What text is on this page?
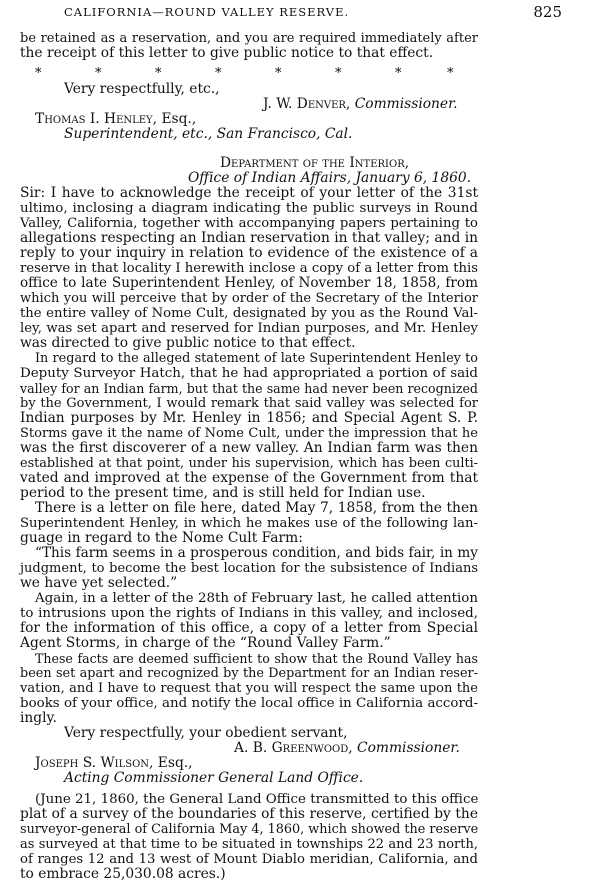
CALIFORNIA—ROUND VALLEY RESERVE.	825
be retained as a reservation, and you are required immediately after
the receipt of this letter to give public notice to that effect.
*	*	*	*	*	*	*	*
Very respectfully, etc.,
J. W. Denver, Commissioner.
Thomas I. Henley, Esq.,
Superintendent, etc., San Francisco, Cal.
Department of the Interior,
Office of Indian Affairs, January 6, 1860.
Sir: I have to acknowledge the receipt of your letter of the 31st
ultimo, inclosing a diagram indicating the public surveys in Round
Valley, California, together with accompanying papers pertaining to
allegations respecting an Indian reservation in that valley; and in
reply to your inquiry in relation to evidence of the existence of a
reserve in that locality I herewith inclose a copy of a letter from this
office to late Superintendent Henley, of November 18, 1858, from
which you will perceive that by order of the Secretary of the Interior
the entire valley of Nome Cult, designated by you as the Round Val-
ley, was set apart and reserved for Indian purposes, and Mr. Henley
was directed to give public notice to that effect.
In regard to the alleged statement of late Superintendent Henley to
Deputy Surveyor Hatch, that he had appropriated a portion of said
valley for an Indian farm, but that the same had never been recognized
by the Government, I would remark that said valley was selected for
Indian purposes by Mr. Henley in 1856; and Special Agent S. P.
Storms gave it the name of Nome Cult, under the impression that he
was the first discoverer of a new valley. An Indian farm was then
established at that point, under his supervision, which has been culti-
vated and improved at the expense of the Government from that
period to the present time, and is still held for Indian use.
There is a letter on file here, dated May 7, 1858, from the then
Superintendent Henley, in which he makes use of the following lan-
guage in regard to the Nome Cult Farm:
“This farm seems in a prosperous condition, and bids fair, in my
judgment, to become the best location for the subsistence of Indians
we have yet selected.”
Again, in a letter of the 28th of February last, he called attention
to intrusions upon the rights of Indians in this valley, and inclosed,
for the information of this office, a copy of a letter from Special
Agent Storms, in charge of the “Round Valley Farm.”
These facts are deemed sufficient to show that the Round Valley has
been set apart and recognized by the Department for an Indian reser-
vation, and I have to request that you will respect the same upon the
books of your office, and notify the local office in California accord-
ingly.
Very respectfully, your obedient servant,
A. B. Greenwood, Commissioner.
Joseph S. Wilson, Esq.,
Acting Commissioner General Land Office.
(June 21, 1860, the General Land Office transmitted to this office
plat of a survey of the boundaries of this reserve, certified by the
surveyor-general of California May 4, 1860, which showed the reserve
as surveyed at that time to be situated in townships 22 and 23 north,
of ranges 12 and 13 west of Mount Diablo meridian, California, and
to embrace 25,030.08 acres.)
